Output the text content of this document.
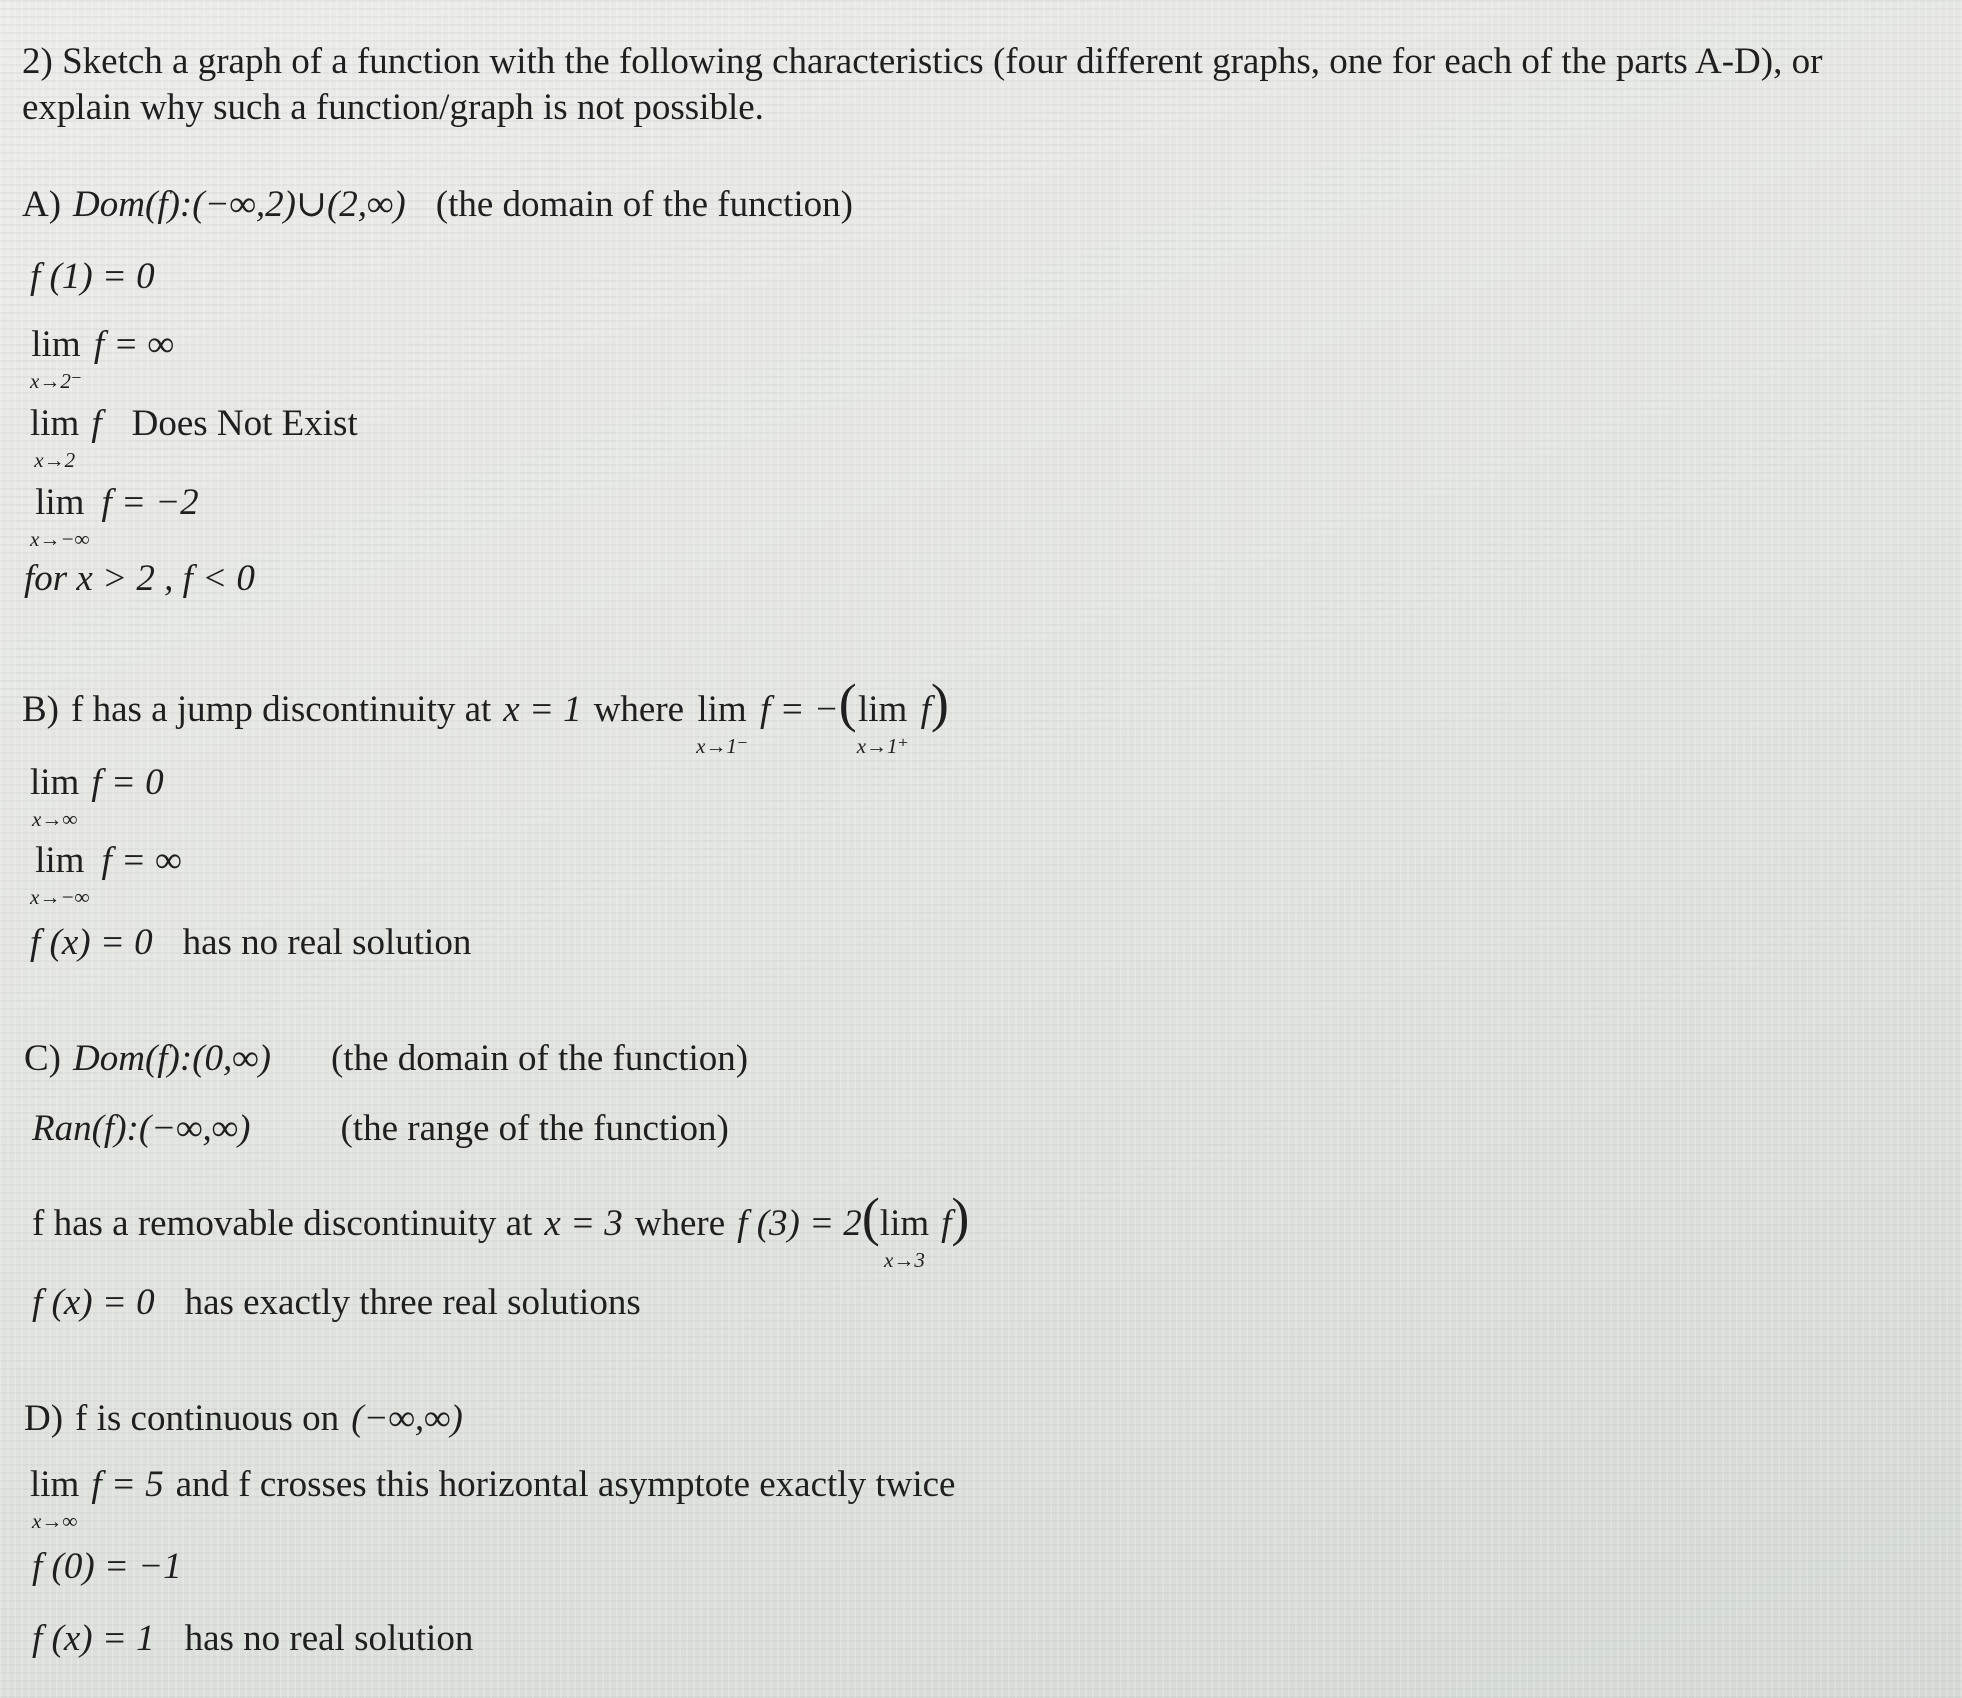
2) Sketch a graph of a function with the following characteristics (four different graphs, one for each of the parts A-D), or
explain why such a function/graph is not possible.
A) Dom (f):(−∞,2)∪(2,∞) (the domain of the function)
f (1) = 0
lim
x→2⁻
f = ∞
lim
x→2
f Does Not Exist
lim
x→−∞
f = −2
for x > 2 , f < 0
B) f has a jump discontinuity at x = 1 where lim
x→1⁻
f = − ( lim
x→1⁺
f )
lim
x→∞
f = 0
lim
x→−∞
f = ∞
f (x) = 0 has no real solution
C) Dom (f):(0,∞) (the domain of the function)
Ran (f):(−∞,∞) (the range of the function)
f has a removable discontinuity at x = 3 where f (3) = 2 ( lim
x→3
f )
f (x) = 0 has exactly three real solutions
D) f is continuous on (−∞,∞)
lim
x→∞
f = 5 and f crosses this horizontal asymptote exactly twice
f (0) = −1
f (x) = 1 has no real solution
